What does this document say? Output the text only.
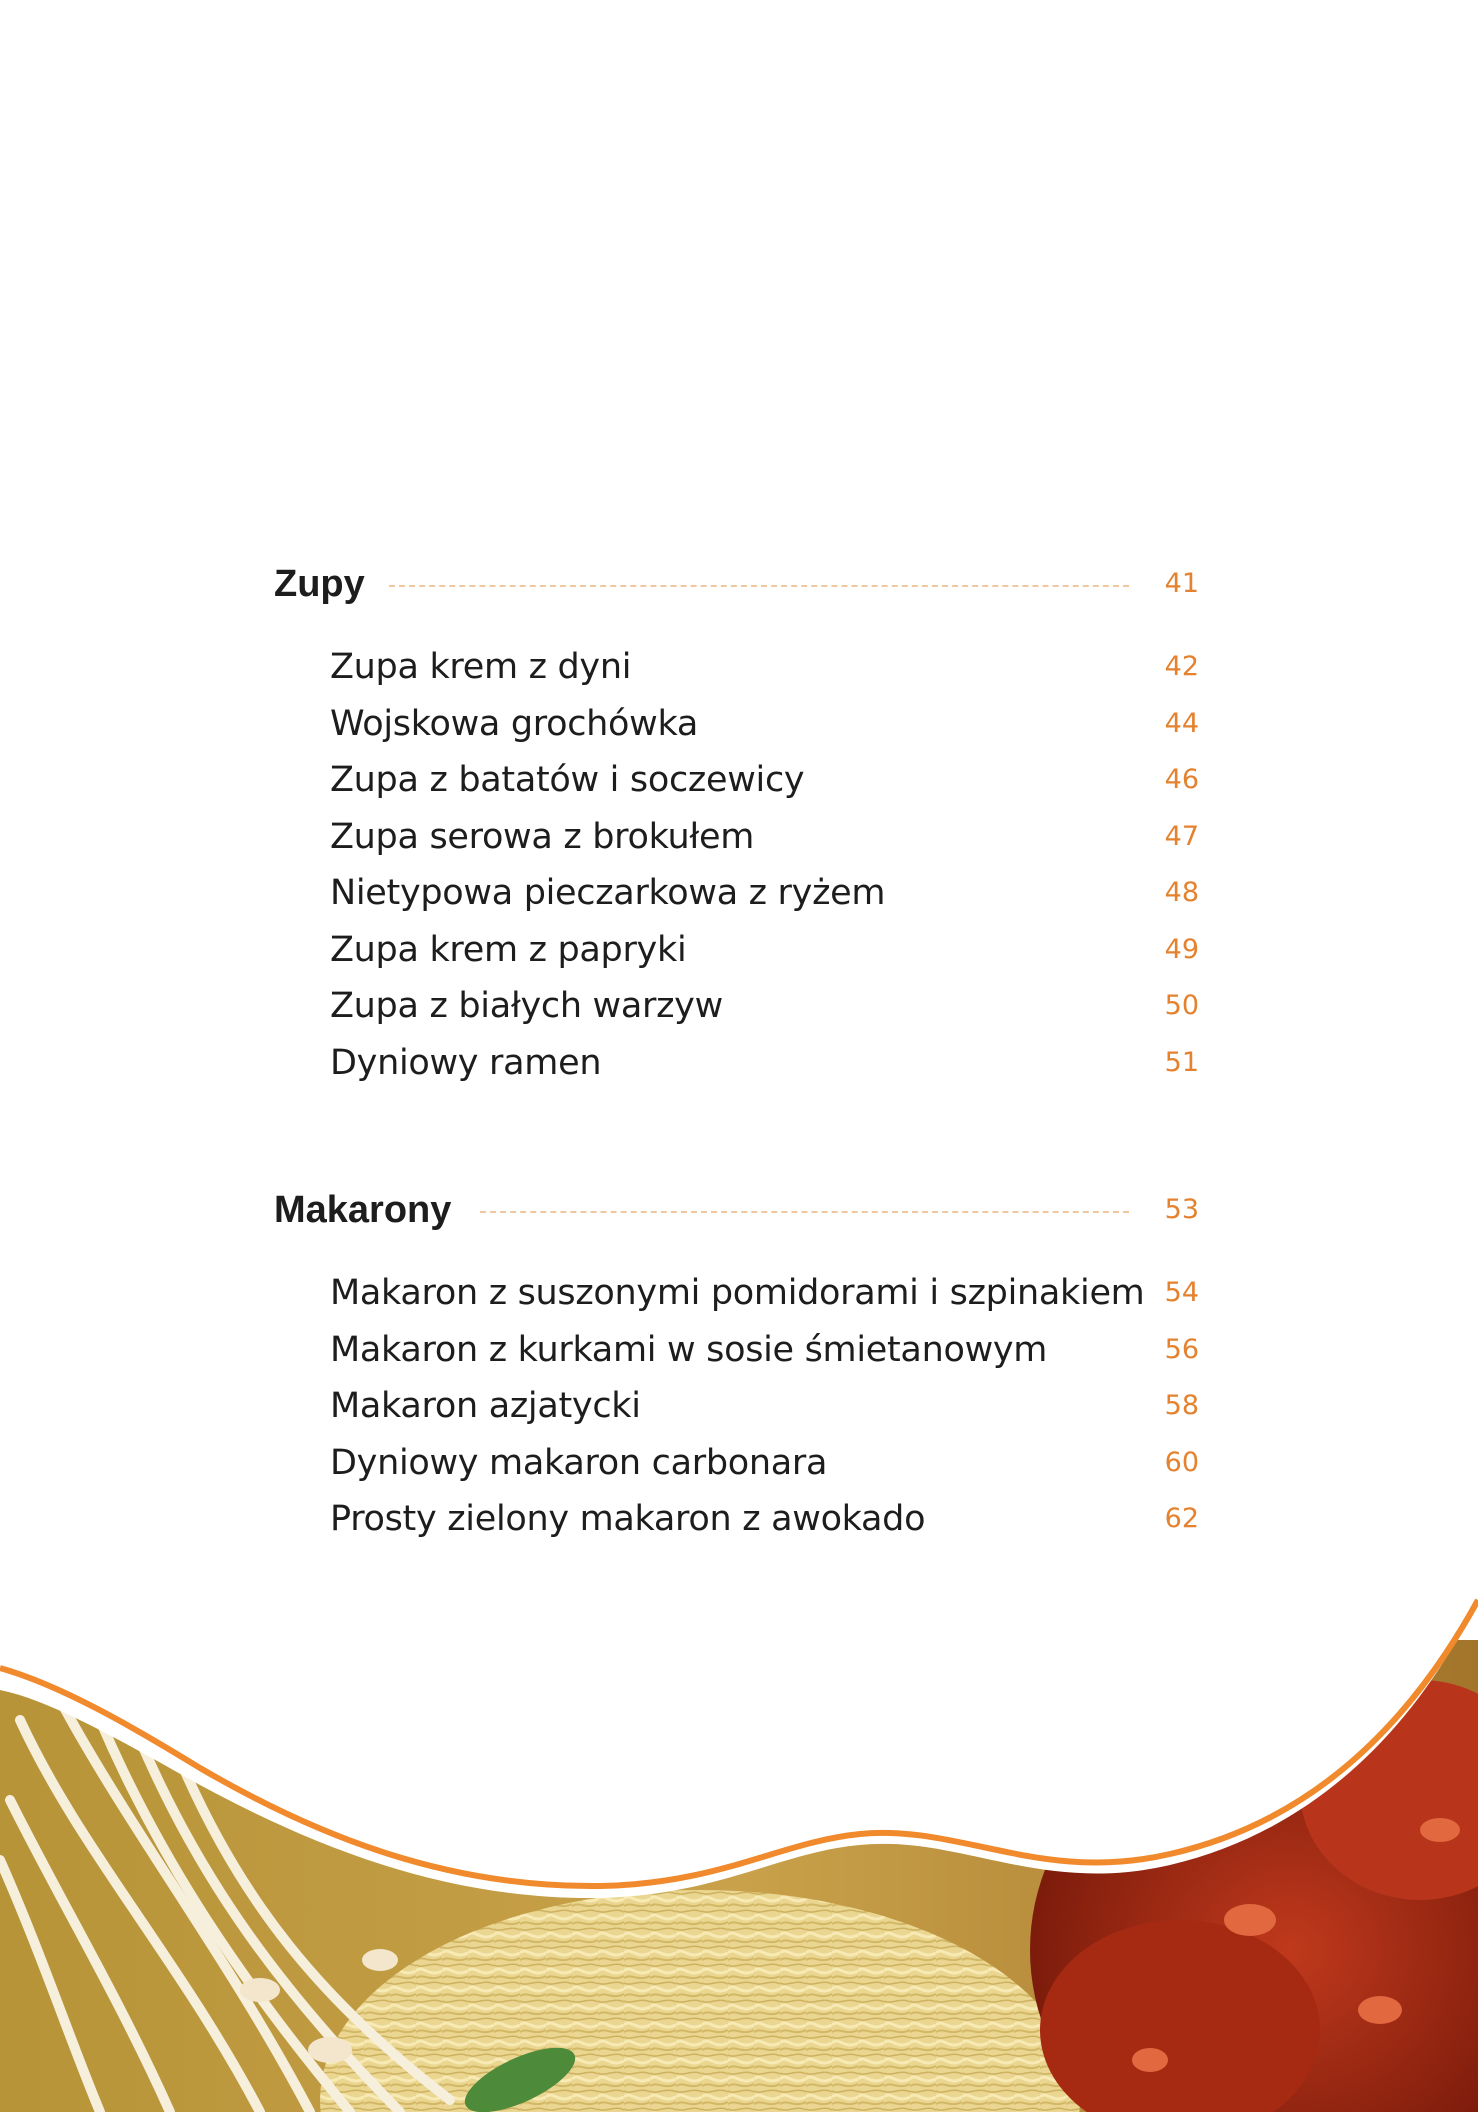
Zupy	41
Zupa krem z dyni	42
Wojskowa grochówka	44
Zupa z batatów i soczewicy	46
Zupa serowa z brokułem	47
Nietypowa pieczarkowa z ryżem	48
Zupa krem z papryki	49
Zupa z białych warzyw	50
Dyniowy ramen	51
Makarony	53
Makaron z suszonymi pomidorami i szpinakiem 54
Makaron z kurkami w sosie śmietanowym	56
Makaron azjatycki	58
Dyniowy makaron carbonara	60
Prosty zielony makaron z awokado	62
